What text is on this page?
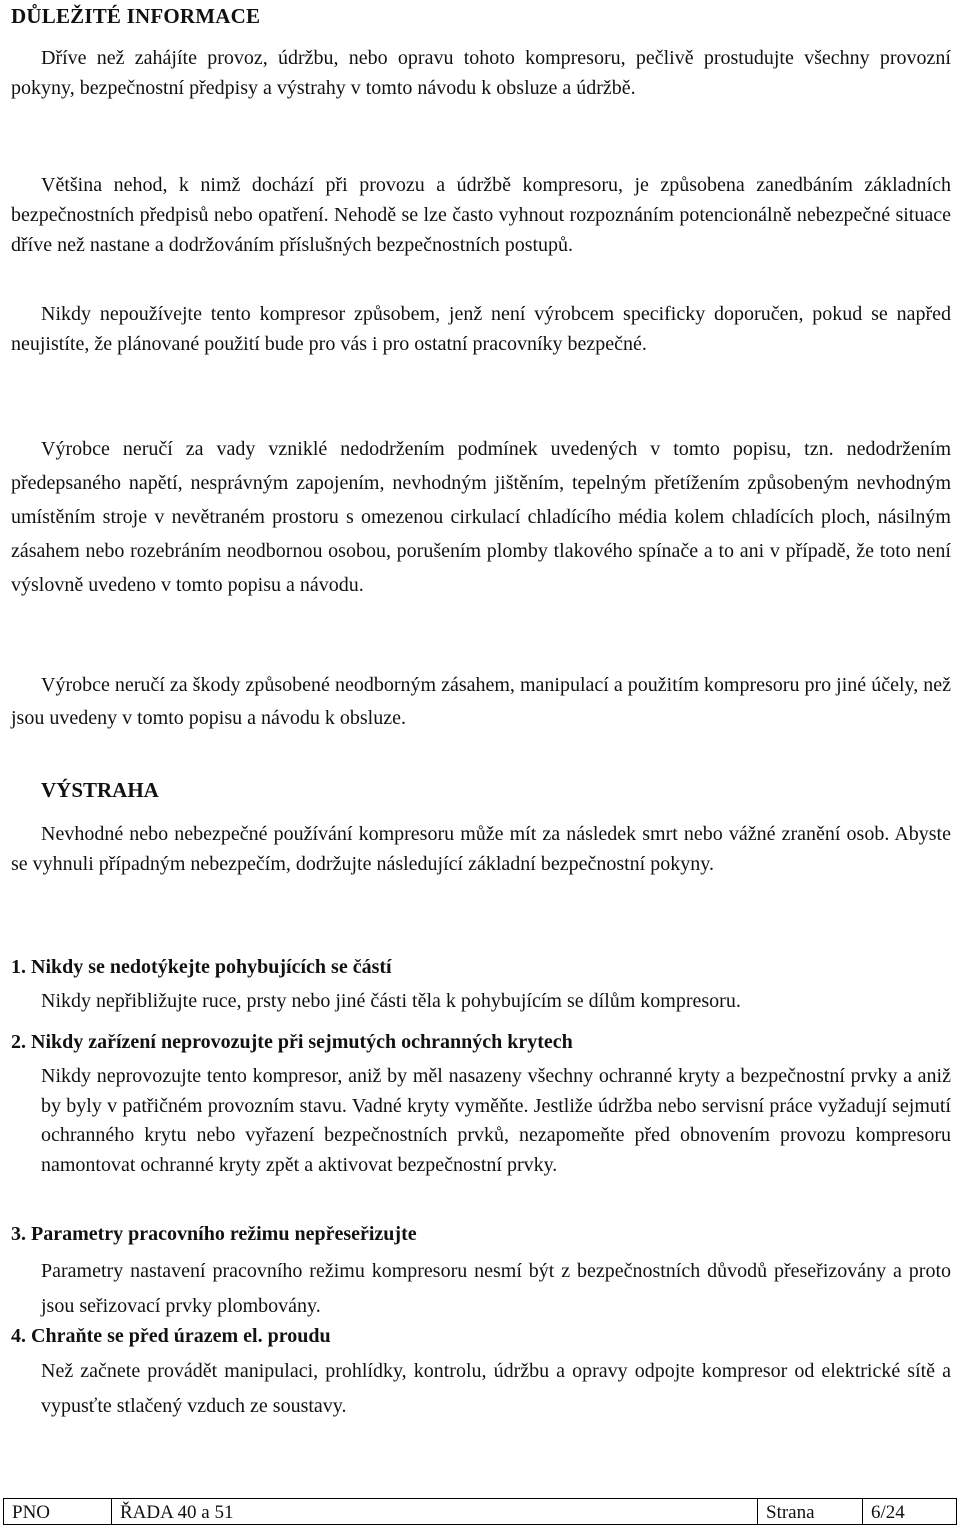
DŮLEŽITÉ INFORMACE
Dříve než zahájíte provoz, údržbu, nebo opravu tohoto kompresoru, pečlivě prostudujte všechny provozní pokyny, bezpečnostní předpisy a výstrahy v tomto návodu k obsluze a údržbě.
Většina nehod, k nimž dochází při provozu a údržbě kompresoru, je způsobena zanedbáním základních bezpečnostních předpisů nebo opatření. Nehodě se lze často vyhnout rozpoznáním potencionálně nebezpečné situace dříve než nastane a dodržováním příslušných bezpečnostních postupů.
Nikdy nepoužívejte tento kompresor způsobem, jenž není výrobcem specificky doporučen, pokud se napřed neujistíte, že plánované použití bude pro vás i pro ostatní pracovníky bezpečné.
Výrobce neručí za vady vzniklé nedodržením podmínek uvedených v tomto popisu, tzn. nedodržením předepsaného napětí, nesprávným zapojením, nevhodným jištěním, tepelným přetížením způsobeným nevhodným umístěním stroje v nevětraném prostoru s omezenou cirkulací chladícího média kolem chladících ploch, násilným zásahem nebo rozebráním neodbornou osobou, porušením plomby tlakového spínače a to ani v případě, že toto není výslovně uvedeno v tomto popisu a návodu.
Výrobce neručí za škody způsobené neodborným zásahem, manipulací a použitím kompresoru pro jiné účely, než jsou uvedeny v tomto popisu a návodu k obsluze.
VÝSTRAHA
Nevhodné nebo nebezpečné používání kompresoru může mít za následek smrt nebo vážné zranění osob. Abyste se vyhnuli případným nebezpečím, dodržujte následující základní bezpečnostní pokyny.
1. Nikdy se nedotýkejte pohybujících se částí
Nikdy nepřibližujte ruce, prsty nebo jiné části těla k pohybujícím se dílům kompresoru.
2. Nikdy zařízení neprovozujte při sejmutých ochranných krytech
Nikdy neprovozujte tento kompresor, aniž by měl nasazeny všechny ochranné kryty a bezpečnostní prvky a aniž by byly v patřičném provozním stavu. Vadné kryty vyměňte. Jestliže údržba nebo servisní práce vyžadují sejmutí ochranného krytu nebo vyřazení bezpečnostních prvků, nezapomeňte před obnovením provozu kompresoru namontovat ochranné kryty zpět a aktivovat bezpečnostní prvky.
3. Parametry pracovního režimu nepřeseřizujte
Parametry nastavení pracovního režimu kompresoru nesmí být z bezpečnostních důvodů přeseřizovány a proto jsou seřizovací prvky plombovány.
4. Chraňte se před úrazem el. proudu
Než začnete provádět manipulaci, prohlídky, kontrolu, údržbu a opravy odpojte kompresor od elektrické sítě a vypusťte stlačený vzduch ze soustavy.
PNO	ŘADA 40 a 51	Strana	6/24
